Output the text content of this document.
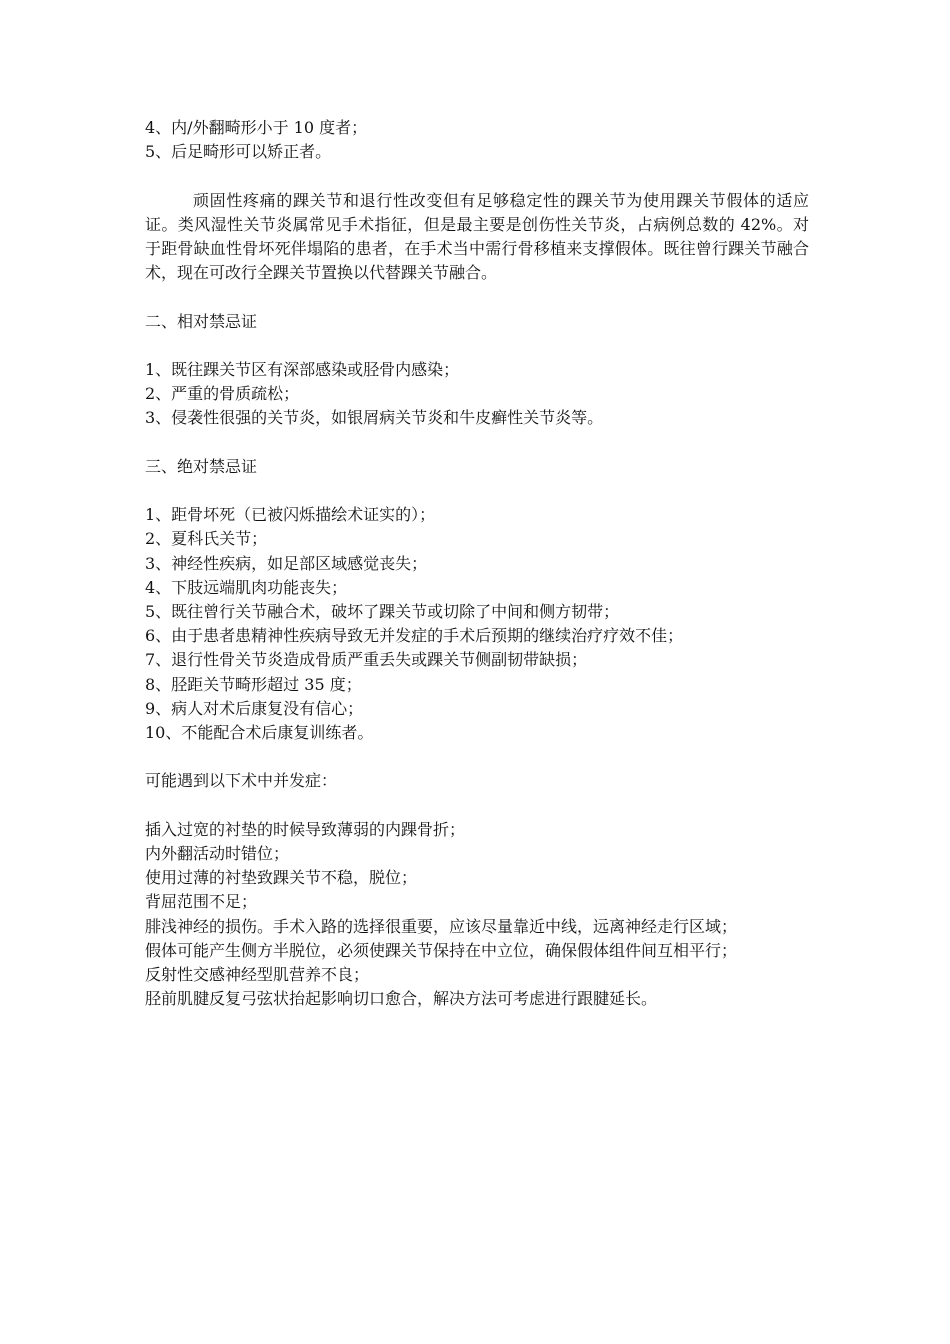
4、内/外翻畸形小于 10 度者；
5、后足畸形可以矫正者。
顽固性疼痛的踝关节和退行性改变但有足够稳定性的踝关节为使用踝关节假体的适应证。类风湿性关节炎属常见手术指征，但是最主要是创伤性关节炎，占病例总数的 42%。对于距骨缺血性骨坏死伴塌陷的患者，在手术当中需行骨移植来支撑假体。既往曾行踝关节融合术，现在可改行全踝关节置换以代替踝关节融合。
二、相对禁忌证
1、既往踝关节区有深部感染或胫骨内感染；
2、严重的骨质疏松；
3、侵袭性很强的关节炎，如银屑病关节炎和牛皮癣性关节炎等。
三、绝对禁忌证
1、距骨坏死（已被闪烁描绘术证实的）；
2、夏科氏关节；
3、神经性疾病，如足部区域感觉丧失；
4、下肢远端肌肉功能丧失；
5、既往曾行关节融合术，破坏了踝关节或切除了中间和侧方韧带；
6、由于患者患精神性疾病导致无并发症的手术后预期的继续治疗疗效不佳；
7、退行性骨关节炎造成骨质严重丢失或踝关节侧副韧带缺损；
8、胫距关节畸形超过 35 度；
9、病人对术后康复没有信心；
10、不能配合术后康复训练者。
可能遇到以下术中并发症：
插入过宽的衬垫的时候导致薄弱的内踝骨折；
内外翻活动时错位；
使用过薄的衬垫致踝关节不稳，脱位；
背屈范围不足；
腓浅神经的损伤。手术入路的选择很重要，应该尽量靠近中线，远离神经走行区域；
假体可能产生侧方半脱位，必须使踝关节保持在中立位，确保假体组件间互相平行；
反射性交感神经型肌营养不良；
胫前肌腱反复弓弦状抬起影响切口愈合，解决方法可考虑进行跟腱延长。
